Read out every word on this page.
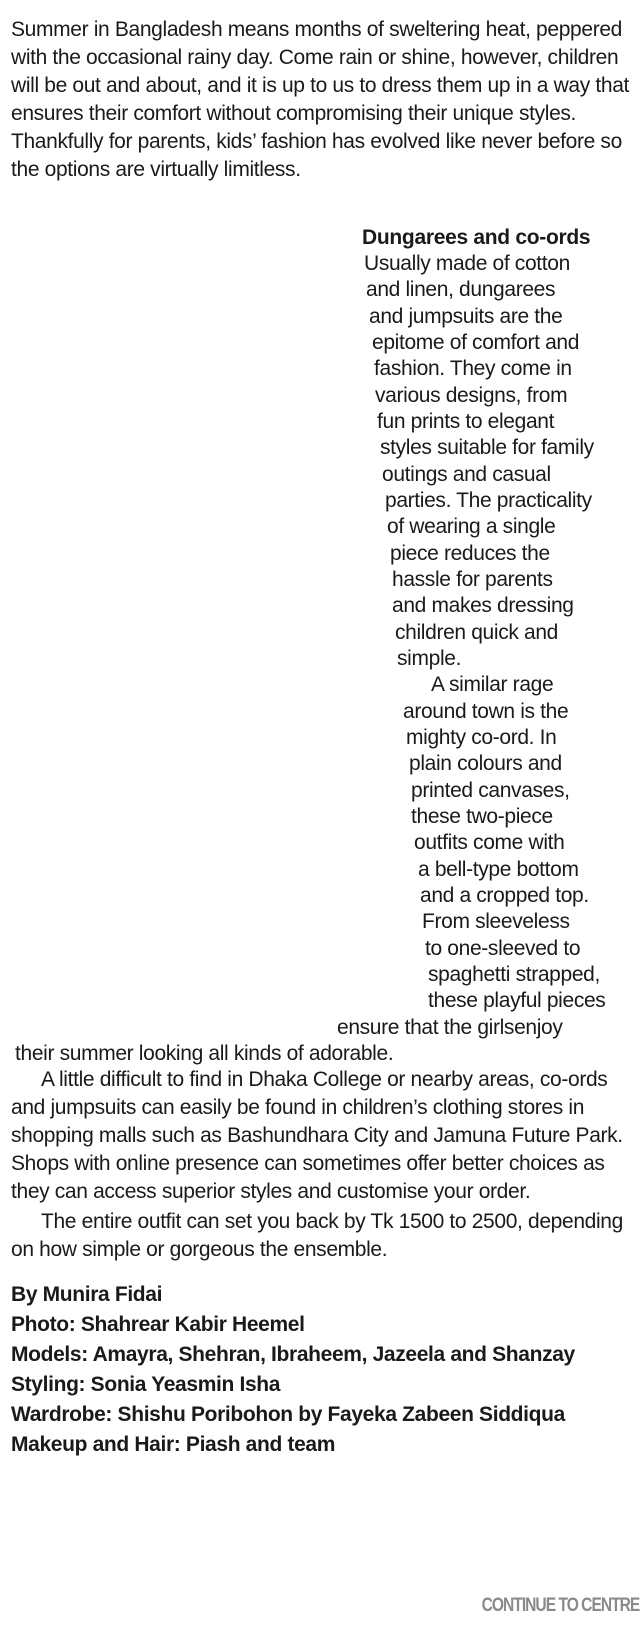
Summer in Bangladesh means months of sweltering heat, peppered with the occasional rainy day. Come rain or shine, however, children will be out and about, and it is up to us to dress them up in a way that ensures their comfort without compromising their unique styles. Thankfully for parents, kids’ fashion has evolved like never before so the options are virtually limitless.

Dungarees and co-ords

Usually made of cotton

and linen, dungarees

and jumpsuits are the

epitome of comfort and

fashion. They come in

various designs, from

fun prints to elegant

styles suitable for family

outings and casual

parties. The practicality

of wearing a single

piece reduces the

hassle for parents

and makes dressing

children quick and

simple.

A similar rage

around town is the

mighty co-ord. In

plain colours and

printed canvases,

these two-piece

outfits come with

a bell-type bottom

and a cropped top.

From sleeveless

to one-sleeved to

spaghetti strapped,

these playful pieces

ensure that the girlsenjoy

their summer looking all kinds of adorable.

A little difficult to find in Dhaka College or nearby areas, co-ords and jumpsuits can easily be found in children’s clothing stores in shopping malls such as Bashundhara City and Jamuna Future Park. Shops with online presence can sometimes offer better choices as they can access superior styles and customise your order.

The entire outfit can set you back by Tk 1500 to 2500, depending on how simple or gorgeous the ensemble.

By Munira Fidai

Photo: Shahrear Kabir Heemel

Models: Amayra, Shehran, Ibraheem, Jazeela and Shanzay

Styling: Sonia Yeasmin Isha

Wardrobe: Shishu Poribohon by Fayeka Zabeen Siddiqua

Makeup and Hair: Piash and team

CONTINUE TO CENTRE
